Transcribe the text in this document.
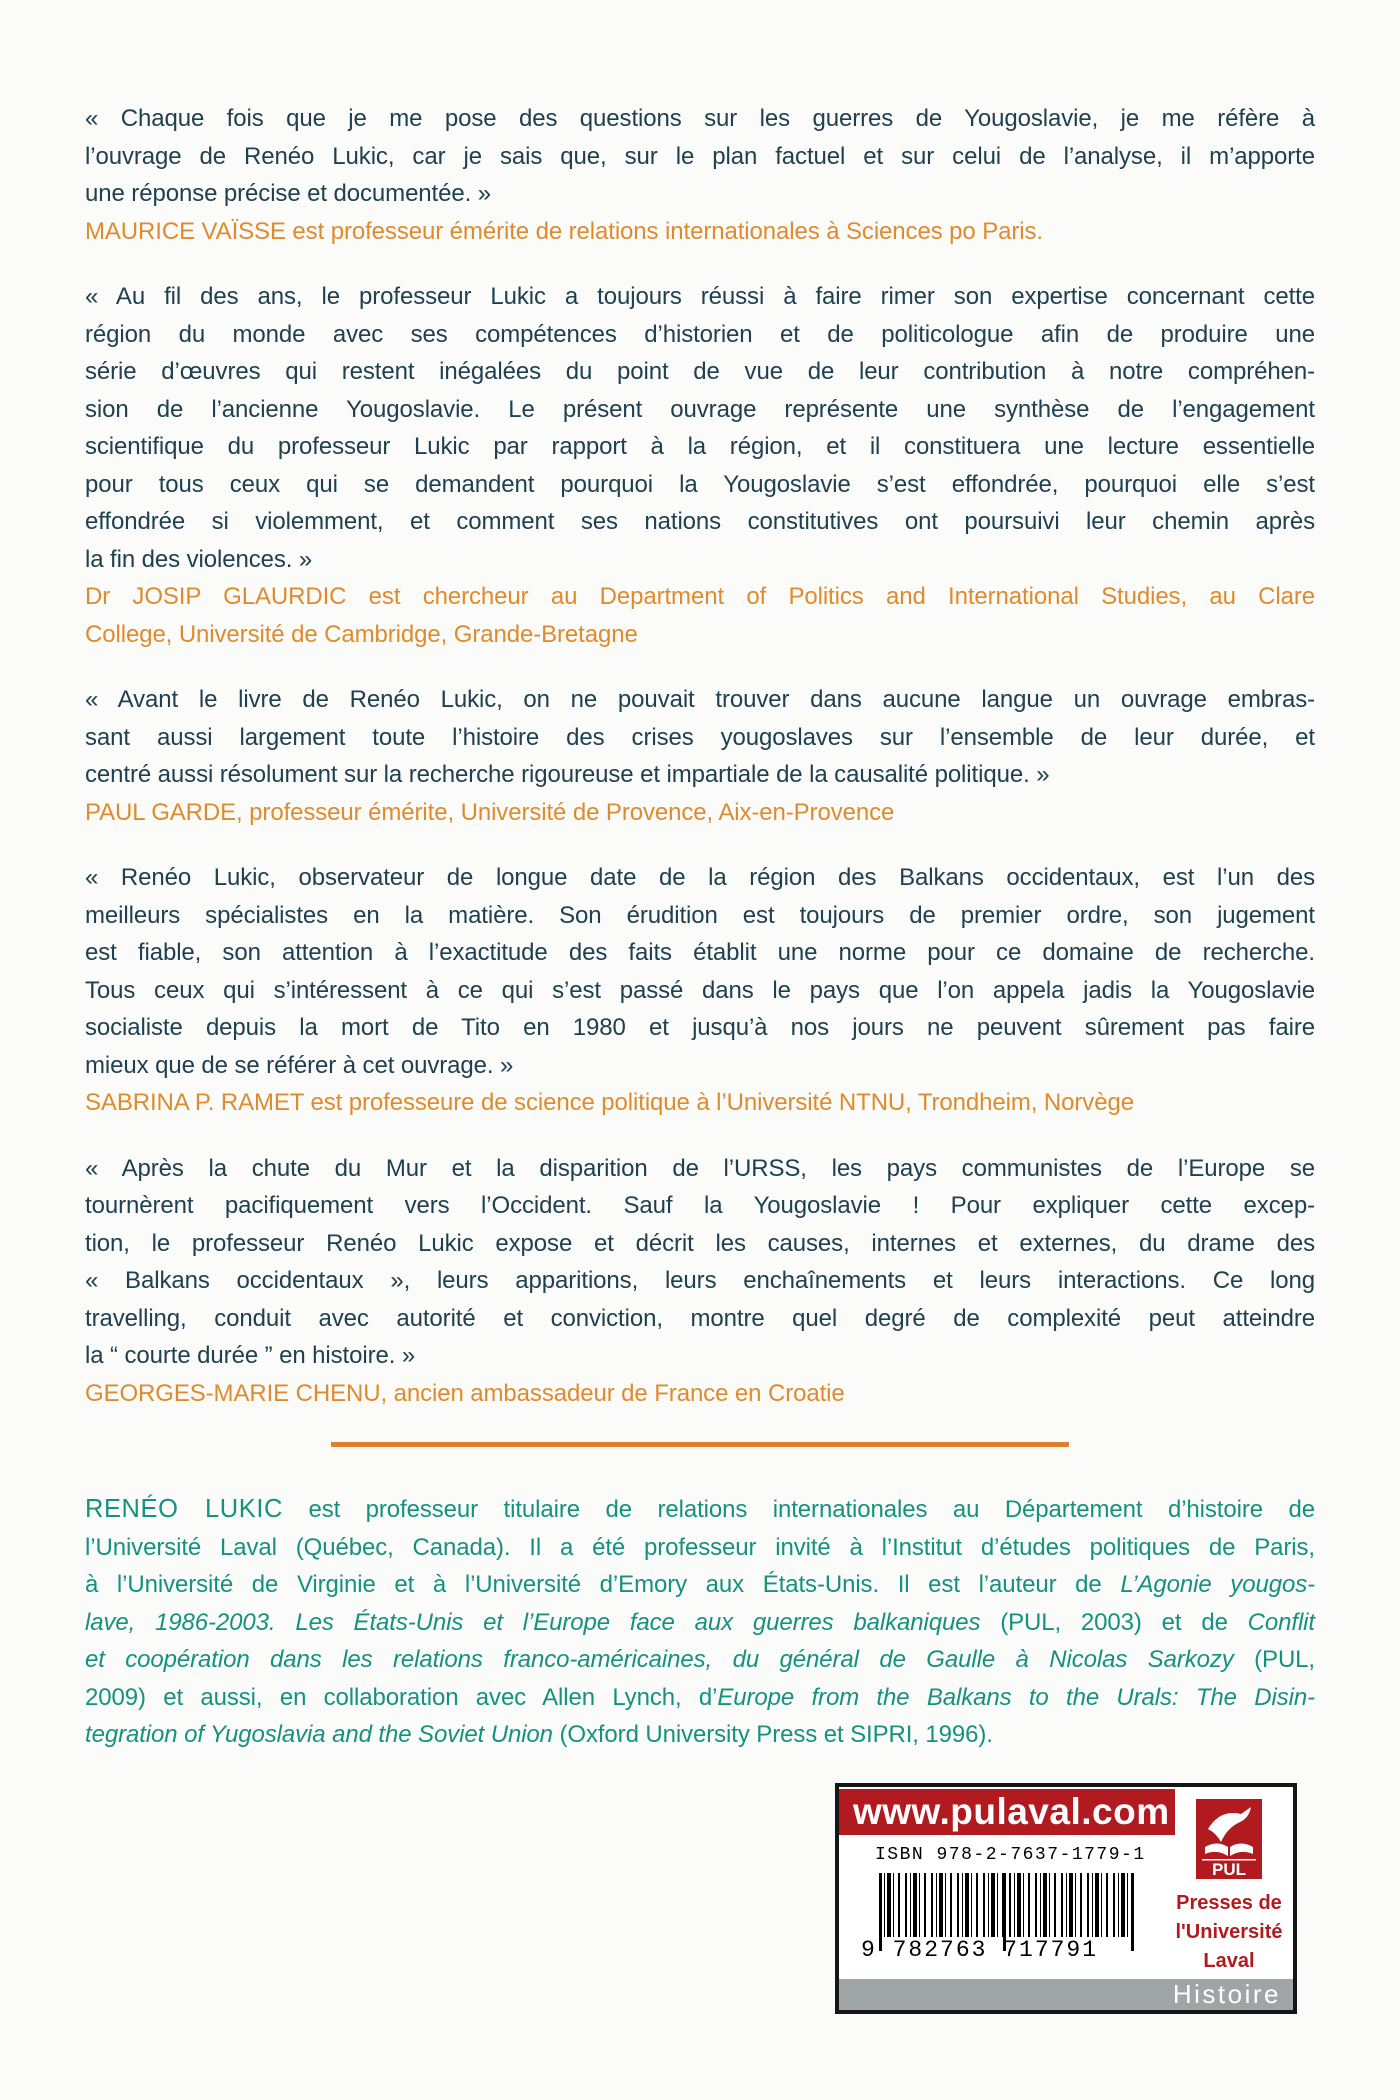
« Chaque fois que je me pose des questions sur les guerres de Yougoslavie, je me réfère à
l’ouvrage de Renéo Lukic, car je sais que, sur le plan factuel et sur celui de l’analyse, il m’apporte
une réponse précise et documentée. »
MAURICE VAÏSSE est professeur émérite de relations internationales à Sciences po Paris.
« Au fil des ans, le professeur Lukic a toujours réussi à faire rimer son expertise concernant cette
région du monde avec ses compétences d’historien et de politicologue afin de produire une
série d’œuvres qui restent inégalées du point de vue de leur contribution à notre compréhen-
sion de l’ancienne Yougoslavie. Le présent ouvrage représente une synthèse de l’engagement
scientifique du professeur Lukic par rapport à la région, et il constituera une lecture essentielle
pour tous ceux qui se demandent pourquoi la Yougoslavie s’est effondrée, pourquoi elle s’est
effondrée si violemment, et comment ses nations constitutives ont poursuivi leur chemin après
la fin des violences. »
Dr JOSIP GLAURDIC est chercheur au Department of Politics and International Studies, au Clare
College, Université de Cambridge, Grande-Bretagne
« Avant le livre de Renéo Lukic, on ne pouvait trouver dans aucune langue un ouvrage embras-
sant aussi largement toute l’histoire des crises yougoslaves sur l’ensemble de leur durée, et
centré aussi résolument sur la recherche rigoureuse et impartiale de la causalité politique. »
PAUL GARDE, professeur émérite, Université de Provence, Aix-en-Provence
« Renéo Lukic, observateur de longue date de la région des Balkans occidentaux, est l’un des
meilleurs spécialistes en la matière. Son érudition est toujours de premier ordre, son jugement
est fiable, son attention à l’exactitude des faits établit une norme pour ce domaine de recherche.
Tous ceux qui s’intéressent à ce qui s’est passé dans le pays que l’on appela jadis la Yougoslavie
socialiste depuis la mort de Tito en 1980 et jusqu’à nos jours ne peuvent sûrement pas faire
mieux que de se référer à cet ouvrage. »
SABRINA P. RAMET est professeure de science politique à l’Université NTNU, Trondheim, Norvège
« Après la chute du Mur et la disparition de l’URSS, les pays communistes de l’Europe se
tournèrent pacifiquement vers l’Occident. Sauf la Yougoslavie ! Pour expliquer cette excep-
tion, le professeur Renéo Lukic expose et décrit les causes, internes et externes, du drame des
« Balkans occidentaux », leurs apparitions, leurs enchaînements et leurs interactions. Ce long
travelling, conduit avec autorité et conviction, montre quel degré de complexité peut atteindre
la “ courte durée ” en histoire. »
GEORGES-MARIE CHENU, ancien ambassadeur de France en Croatie
RENÉO LUKIC est professeur titulaire de relations internationales au Département d’histoire de
l’Université Laval (Québec, Canada). Il a été professeur invité à l’Institut d’études politiques de Paris,
à l’Université de Virginie et à l’Université d’Emory aux États-Unis. Il est l’auteur de L’Agonie yougos-
lave, 1986-2003. Les États-Unis et l’Europe face aux guerres balkaniques (PUL, 2003) et de Conflit
et coopération dans les relations franco-américaines, du général de Gaulle à Nicolas Sarkozy (PUL,
2009) et aussi, en collaboration avec Allen Lynch, d’Europe from the Balkans to the Urals: The Disin-
tegration of Yugoslavia and the Soviet Union (Oxford University Press et SIPRI, 1996).
www.pulaval.com
PUL
Presses de
l'Université
Laval
ISBN 978-2-7637-1779-1
9 782763 717791
Histoire
